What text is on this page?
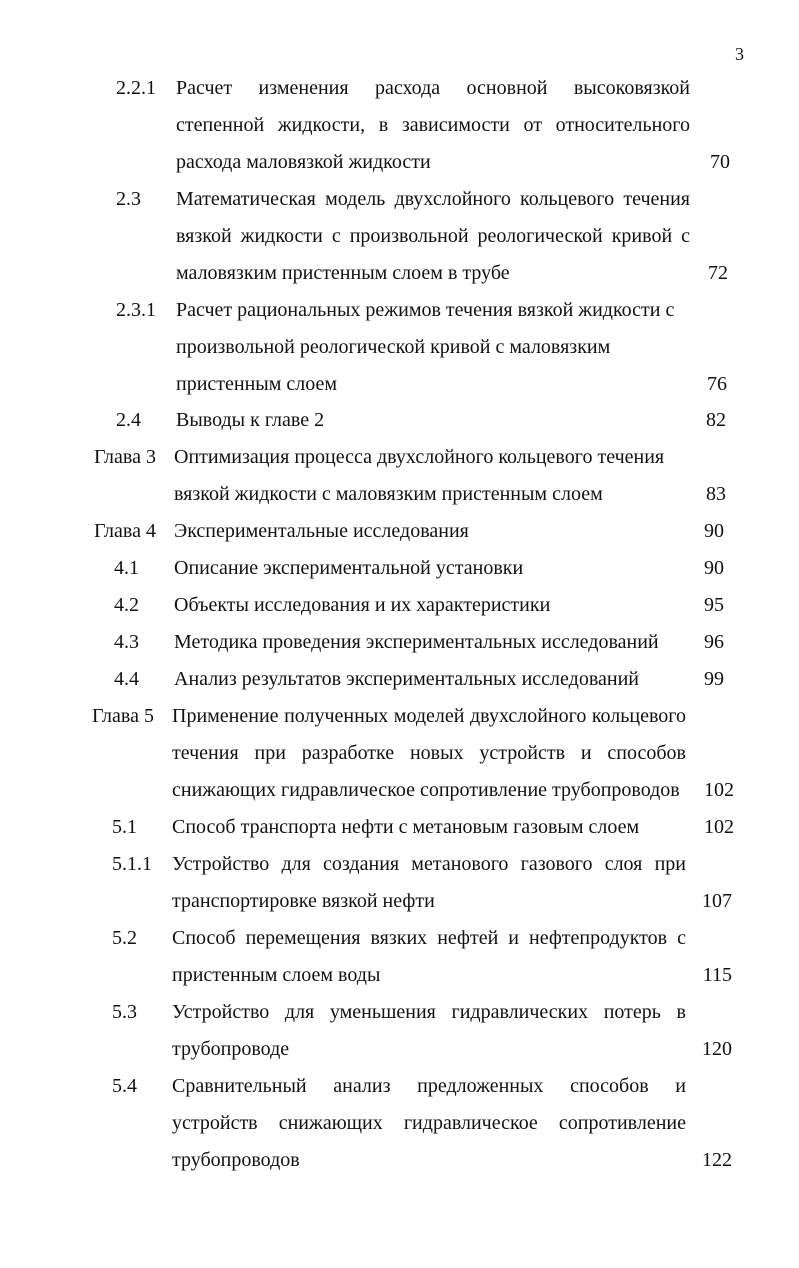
3
2.2.1 Расчет изменения расхода основной высоковязкой
степенной жидкости, в зависимости от относительного
расхода маловязкой жидкости	70
2.3 Математическая модель двухслойного кольцевого течения
вязкой жидкости с произвольной реологической кривой с
маловязким пристенным слоем в трубе	72
2.3.1 Расчет рациональных режимов течения вязкой жидкости с
произвольной реологической кривой с маловязким
пристенным слоем	76
2.4 Выводы к главе 2	82
Глава 3 Оптимизация процесса двухслойного кольцевого течения
вязкой жидкости с маловязким пристенным слоем	83
Глава 4 Экспериментальные исследования	90
4.1 Описание экспериментальной установки	90
4.2 Объекты исследования и их характеристики	95
4.3 Методика проведения экспериментальных исследований	96
4.4 Анализ результатов экспериментальных исследований	99
Глава 5 Применение полученных моделей двухслойного кольцевого
течения при разработке новых устройств и способов
снижающих гидравлическое сопротивление трубопроводов	102
5.1 Способ транспорта нефти с метановым газовым слоем	102
5.1.1 Устройство для создания метанового газового слоя при
транспортировке вязкой нефти	107
5.2 Способ перемещения вязких нефтей и нефтепродуктов с
пристенным слоем воды	115
5.3 Устройство для уменьшения гидравлических потерь в
трубопроводе	120
5.4 Сравнительный анализ предложенных способов и
устройств снижающих гидравлическое сопротивление
трубопроводов	122
